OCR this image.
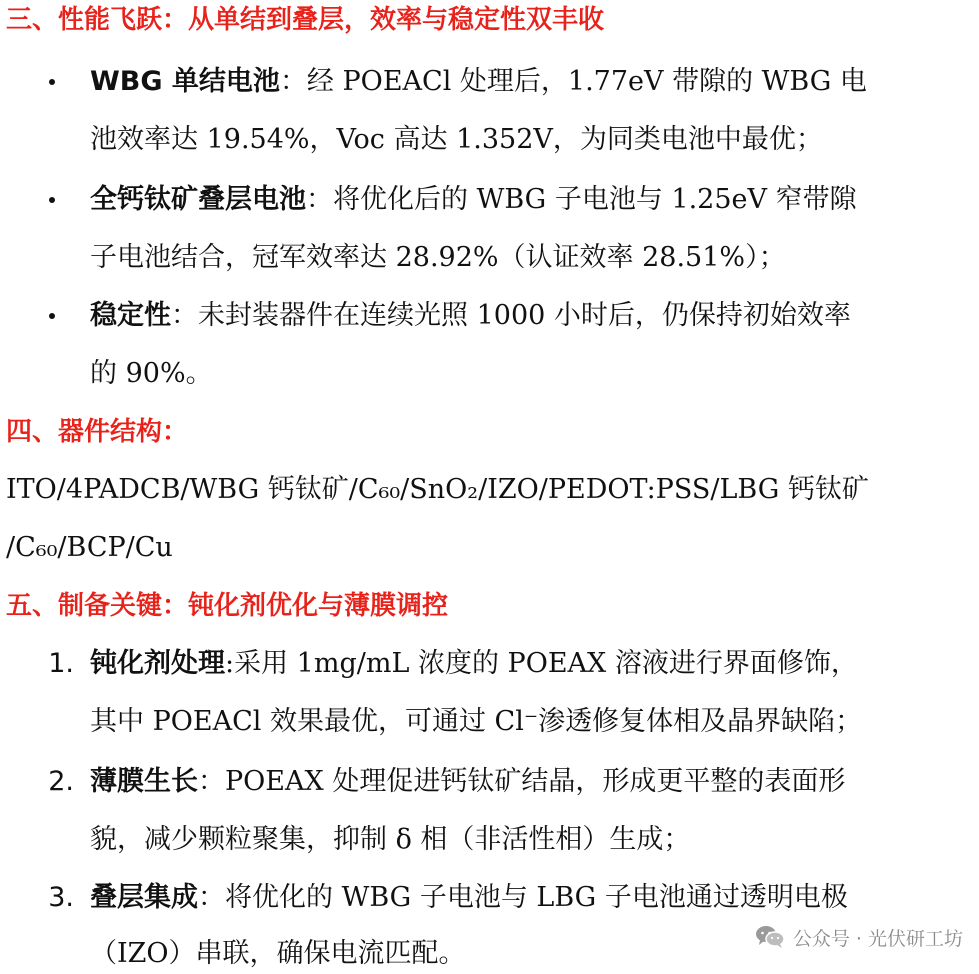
三、性能飞跃：从单结到叠层，效率与稳定性双丰收
WBG 单结电池：经 POEACl 处理后，1.77eV 带隙的 WBG 电
池效率达 19.54%，Voc 高达 1.352V，为同类电池中最优；
全钙钛矿叠层电池：将优化后的 WBG 子电池与 1.25eV 窄带隙
子电池结合，冠军效率达 28.92%（认证效率 28.51%）；
稳定性：未封装器件在连续光照 1000 小时后，仍保持初始效率
的 90%。
四、器件结构：
ITO/4PADCB/WBG 钙钛矿/C₆₀/SnO₂/IZO/PEDOT:PSS/LBG 钙钛矿
/C₆₀/BCP/Cu
五、制备关键：钝化剂优化与薄膜调控
1. 钝化剂处理:采用 1mg/mL 浓度的 POEAX 溶液进行界面修饰，
其中 POEACl 效果最优，可通过 Cl⁻渗透修复体相及晶界缺陷；
2. 薄膜生长：POEAX 处理促进钙钛矿结晶，形成更平整的表面形
貌，减少颗粒聚集，抑制 δ 相（非活性相）生成；
3. 叠层集成：将优化的 WBG 子电池与 LBG 子电池通过透明电极
（IZO）串联，确保电流匹配。	公众号 · 光伏研工坊
